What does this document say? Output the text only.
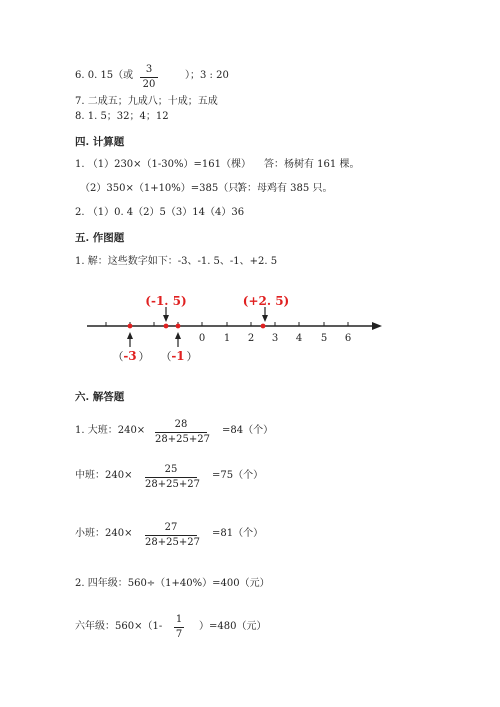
6. 0. 15（或
3
20
）；3 : 20
7. 二成五；九成八；十成；五成
8. 1. 5；32；4；12
四. 计算题
1. （1）230×（1-30%）=161（棵） 答：杨树有 161 棵。
（2）350×（1+10%）=385（只）
答：母鸡有 385 只。
2. （1）0. 4（2）5（3）14（4）36
五. 作图题
1. 解：这些数字如下：-3、-1. 5、-1、+2. 5
0 1 2 3 4 5 6
(-1. 5)	(+2. 5)
（ -3 ） （ -1 ）
六. 解答题
1. 大班：240×
28
28+25+27
=84（个）
中班：240×
25
28+25+27
=75（个）
小班：240×
27
28+25+27
=81（个）
2. 四年级：560÷（1+40%）=400（元）
六年级：560×（1-
1
7
）=480（元）
